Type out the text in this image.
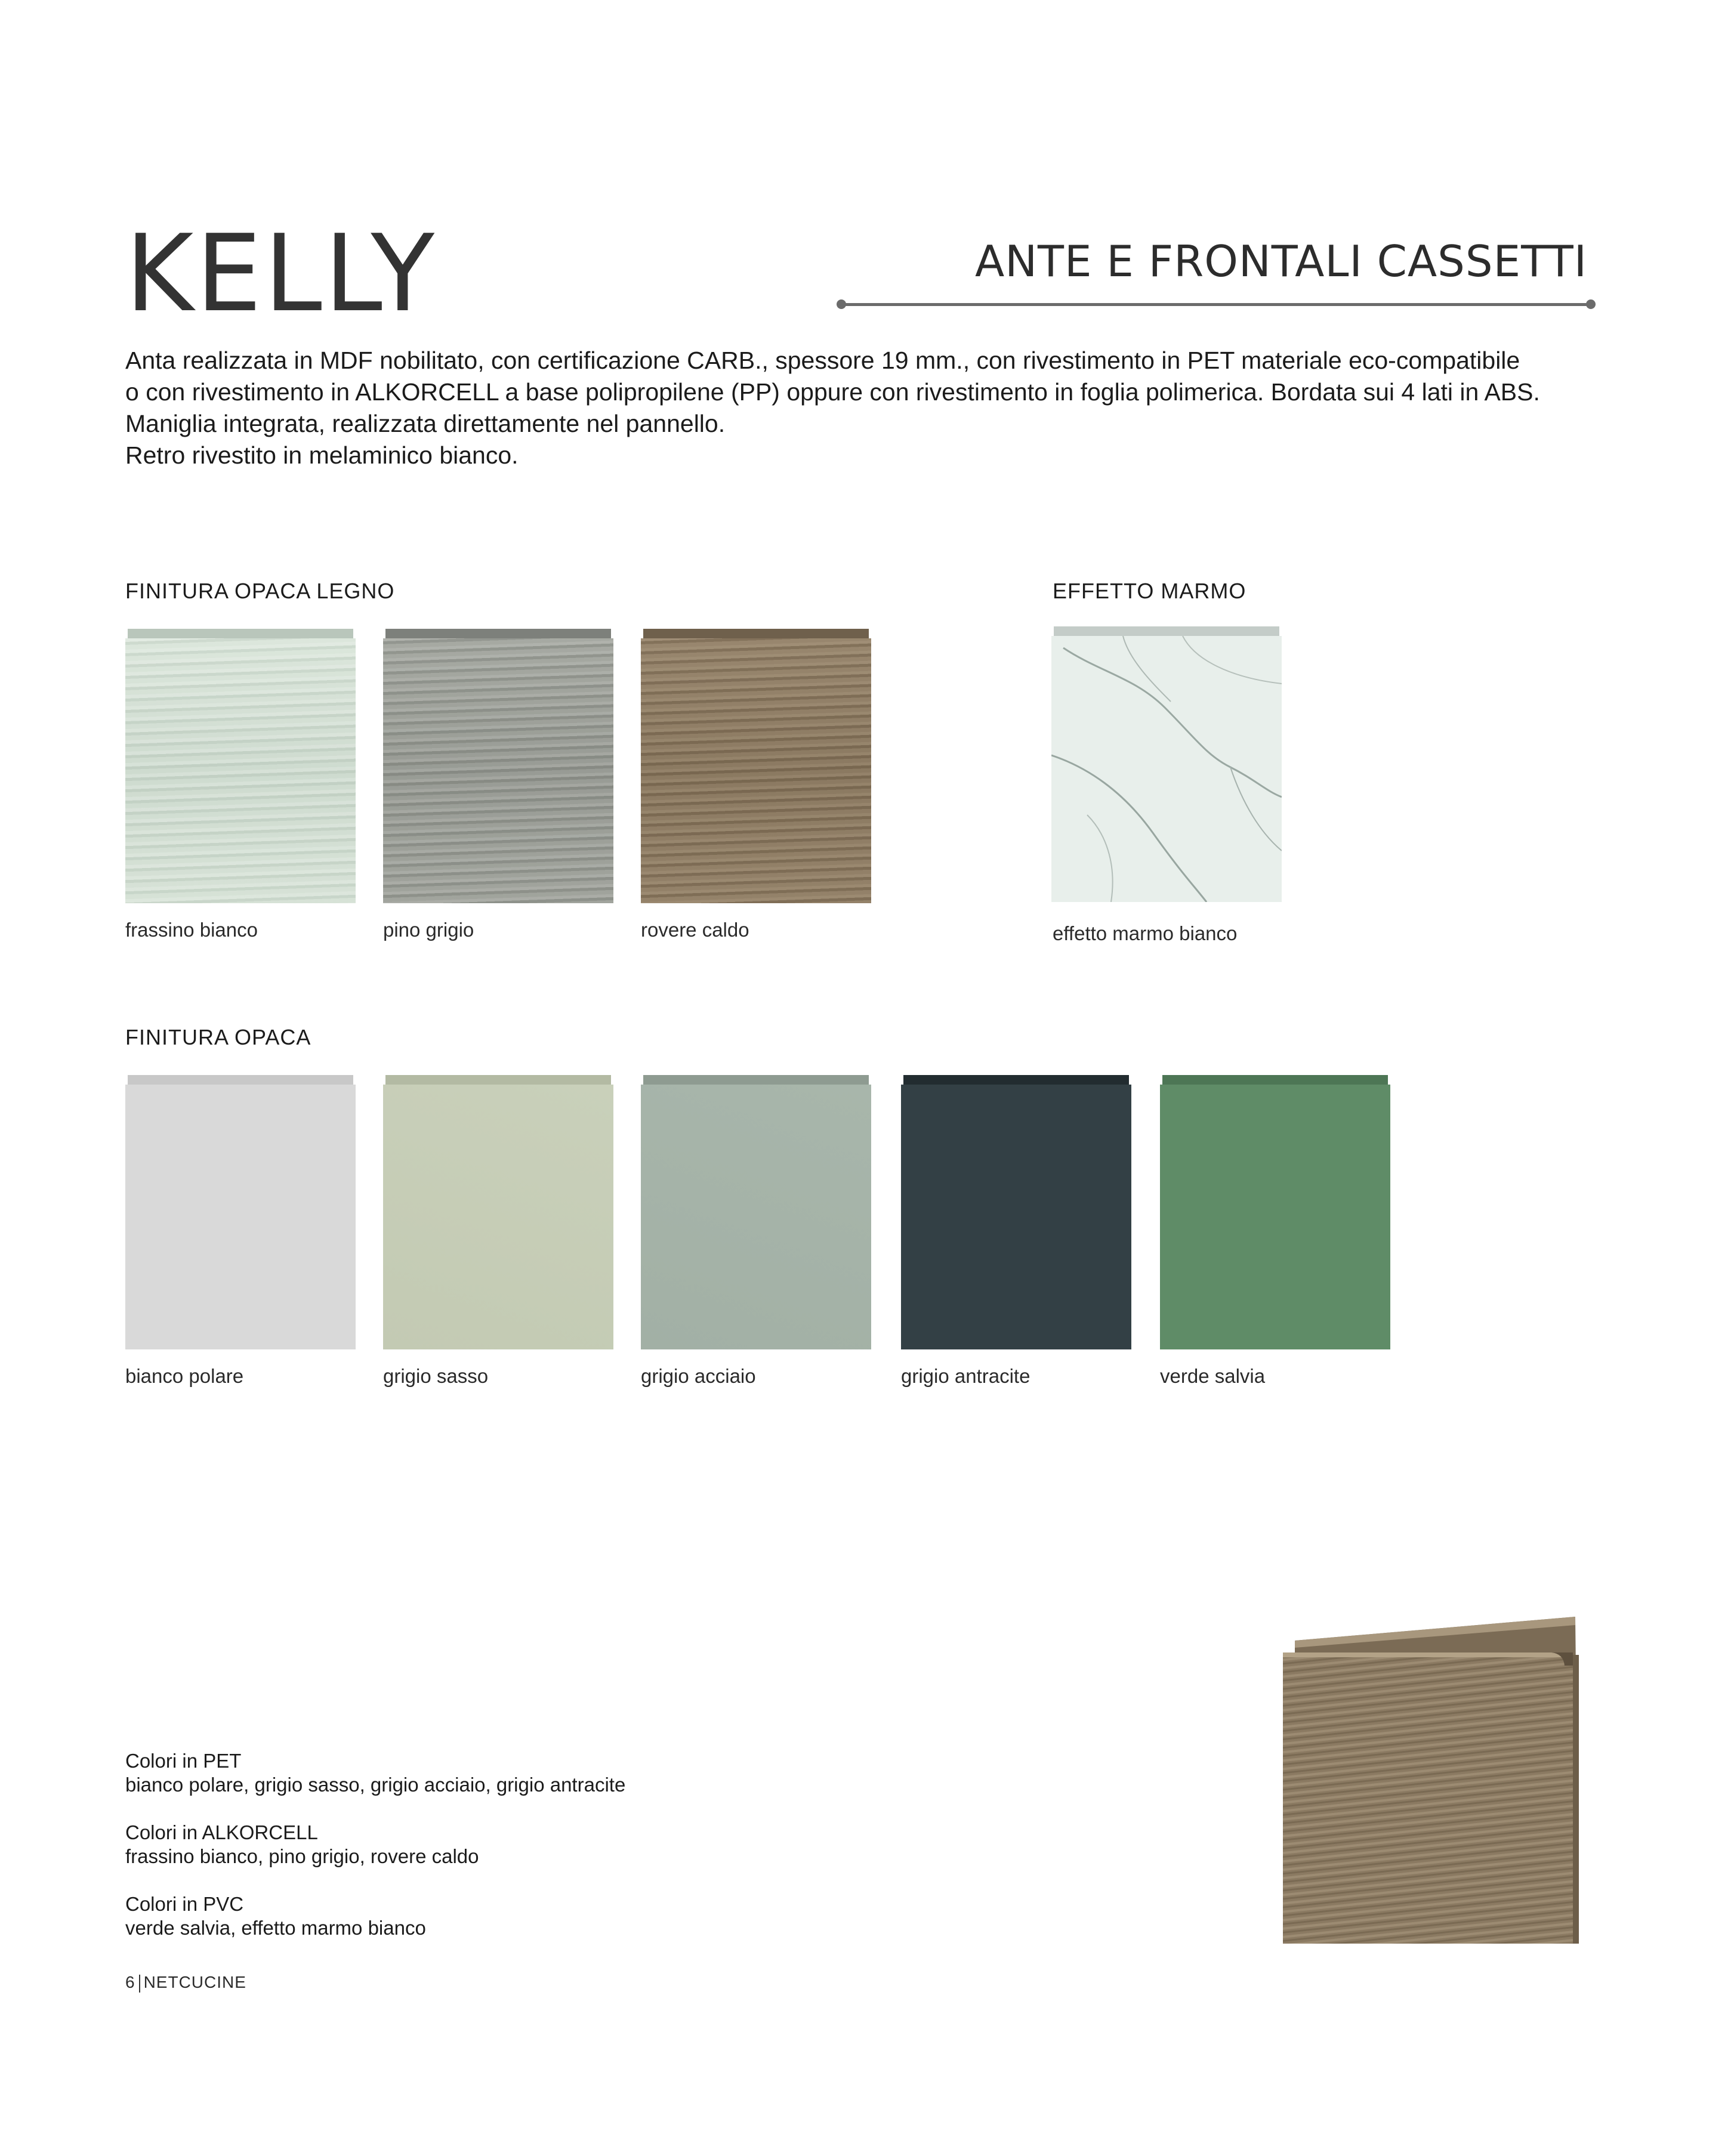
KELLY	ANTE E FRONTALI CASSETTI

Anta realizzata in MDF nobilitato, con certificazione CARB., spessore 19 mm., con rivestimento in PET materiale eco-compatibile

o con rivestimento in ALKORCELL a base polipropilene (PP) oppure con rivestimento in foglia polimerica. Bordata sui 4 lati in ABS.

Maniglia integrata, realizzata direttamente nel pannello.

Retro rivestito in melaminico bianco.

FINITURA OPACA LEGNO	EFFETTO MARMO
FINITURA OPACA
frassino bianco	pino grigio	rovere caldo	effetto marmo bianco
bianco polare	grigio sasso	grigio acciaio	grigio antracite	verde salvia
Colori in PET
bianco polare, grigio sasso, grigio acciaio, grigio antracite
Colori in ALKORCELL
frassino bianco, pino grigio, rovere caldo
Colori in PVC
verde salvia, effetto marmo bianco
6 NETCUCINE
